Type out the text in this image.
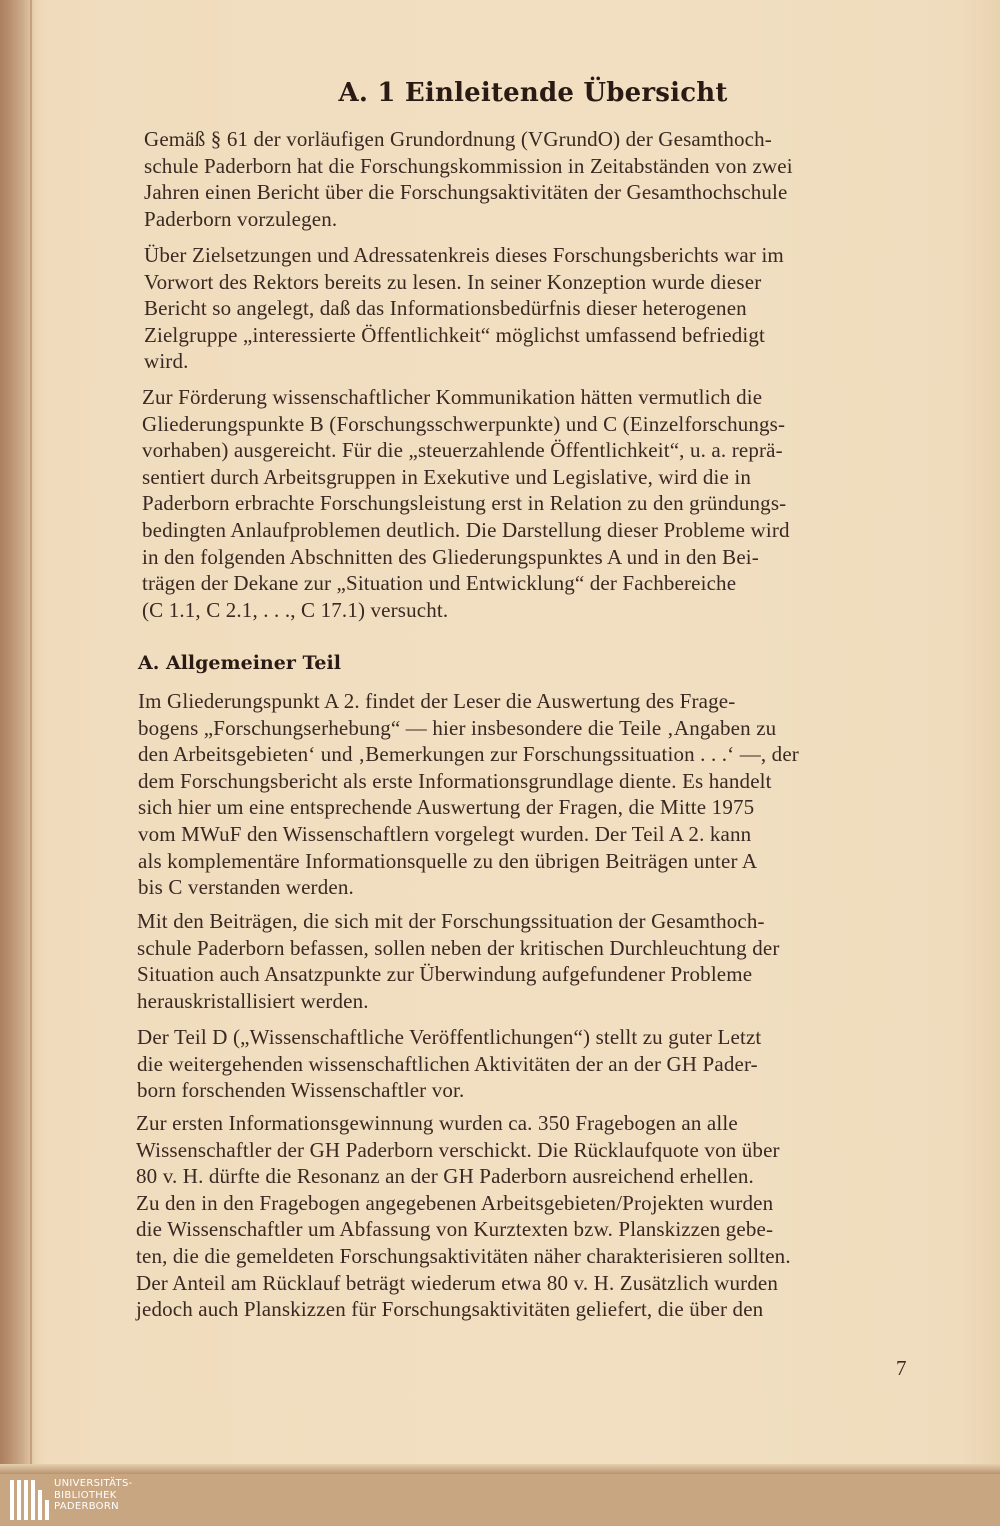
A. 1 Einleitende Übersicht

Gemäß § 61 der vorläufigen Grundordnung (VGrundO) der Gesamthoch-
schule Paderborn hat die Forschungskommission in Zeitabständen von zwei
Jahren einen Bericht über die Forschungsaktivitäten der Gesamthochschule
Paderborn vorzulegen.

Über Zielsetzungen und Adressatenkreis dieses Forschungsberichts war im
Vorwort des Rektors bereits zu lesen. In seiner Konzeption wurde dieser
Bericht so angelegt, daß das Informationsbedürfnis dieser heterogenen
Zielgruppe „interessierte Öffentlichkeit“ möglichst umfassend befriedigt
wird.

Zur Förderung wissenschaftlicher Kommunikation hätten vermutlich die
Gliederungspunkte B (Forschungsschwerpunkte) und C (Einzelforschungs-
vorhaben) ausgereicht. Für die „steuerzahlende Öffentlichkeit“, u. a. reprä-
sentiert durch Arbeitsgruppen in Exekutive und Legislative, wird die in
Paderborn erbrachte Forschungsleistung erst in Relation zu den gründungs-
bedingten Anlaufproblemen deutlich. Die Darstellung dieser Probleme wird
in den folgenden Abschnitten des Gliederungspunktes A und in den Bei-
trägen der Dekane zur „Situation und Entwicklung“ der Fachbereiche
(C 1.1, C 2.1, . . ., C 17.1) versucht.

A. Allgemeiner Teil

Im Gliederungspunkt A 2. findet der Leser die Auswertung des Frage-
bogens „Forschungserhebung“ — hier insbesondere die Teile ‚Angaben zu
den Arbeitsgebieten‘ und ‚Bemerkungen zur Forschungssituation . . .‘ —, der
dem Forschungsbericht als erste Informationsgrundlage diente. Es handelt
sich hier um eine entsprechende Auswertung der Fragen, die Mitte 1975
vom MWuF den Wissenschaftlern vorgelegt wurden. Der Teil A 2. kann
als komplementäre Informationsquelle zu den übrigen Beiträgen unter A
bis C verstanden werden.

Mit den Beiträgen, die sich mit der Forschungssituation der Gesamthoch-
schule Paderborn befassen, sollen neben der kritischen Durchleuchtung der
Situation auch Ansatzpunkte zur Überwindung aufgefundener Probleme
herauskristallisiert werden.

Der Teil D („Wissenschaftliche Veröffentlichungen“) stellt zu guter Letzt
die weitergehenden wissenschaftlichen Aktivitäten der an der GH Pader-
born forschenden Wissenschaftler vor.

Zur ersten Informationsgewinnung wurden ca. 350 Fragebogen an alle
Wissenschaftler der GH Paderborn verschickt. Die Rücklaufquote von über
80 v. H. dürfte die Resonanz an der GH Paderborn ausreichend erhellen.
Zu den in den Fragebogen angegebenen Arbeitsgebieten/Projekten wurden
die Wissenschaftler um Abfassung von Kurztexten bzw. Planskizzen gebe-
ten, die die gemeldeten Forschungsaktivitäten näher charakterisieren sollten.
Der Anteil am Rücklauf beträgt wiederum etwa 80 v. H. Zusätzlich wurden
jedoch auch Planskizzen für Forschungsaktivitäten geliefert, die über den

7
UNIVERSITÄTS-
BIBLIOTHEK
PADERBORN
